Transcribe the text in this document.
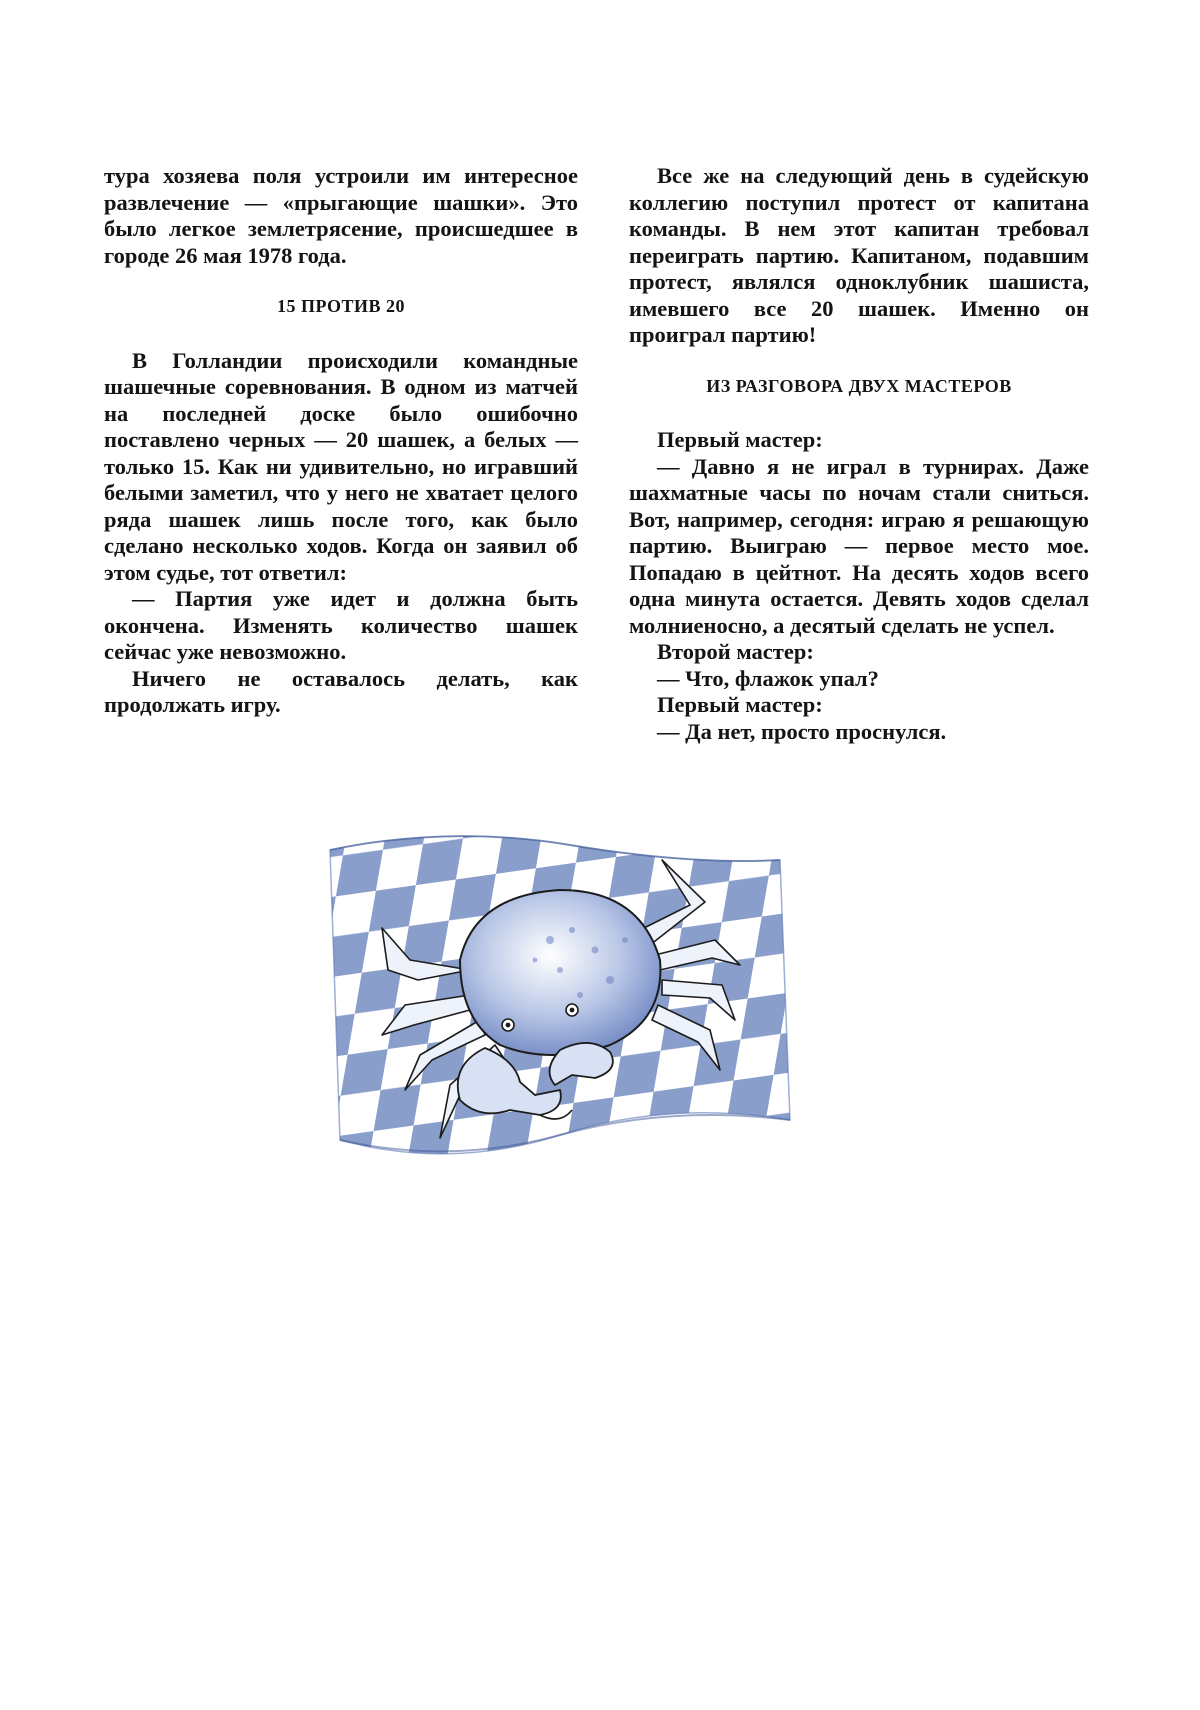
тура хозяева поля устроили им интересное развлечение — «прыгающие шашки». Это было легкое землетрясение, происшедшее в городе 26 мая 1978 года.

15 ПРОТИВ 20

В Голландии происходили командные шашечные соревнования. В одном из матчей на последней доске было ошибочно поставлено черных — 20 шашек, а белых — только 15. Как ни удивительно, но игравший белыми заметил, что у него не хватает целого ряда шашек лишь после того, как было сделано несколько ходов. Когда он заявил об этом судье, тот ответил:

— Партия уже идет и должна быть окончена. Изменять количество шашек сейчас уже невозможно.

Ничего не оставалось делать, как продолжать игру.

Все же на следующий день в судейскую коллегию поступил протест от капитана команды. В нем этот капитан требовал переиграть партию. Капитаном, подавшим протест, являлся одноклубник шашиста, имевшего все 20 шашек. Именно он проиграл партию!

ИЗ РАЗГОВОРА ДВУХ МАСТЕРОВ

Первый мастер:

— Давно я не играл в турнирах. Даже шахматные часы по ночам стали сниться. Вот, например, сегодня: играю я решающую партию. Выиграю — первое место мое. Попадаю в цейтнот. На десять ходов всего одна минута остается. Девять ходов сделал молниеносно, а десятый сделать не успел.

Второй мастер:

— Что, флажок упал?

Первый мастер:

— Да нет, просто проснулся.
